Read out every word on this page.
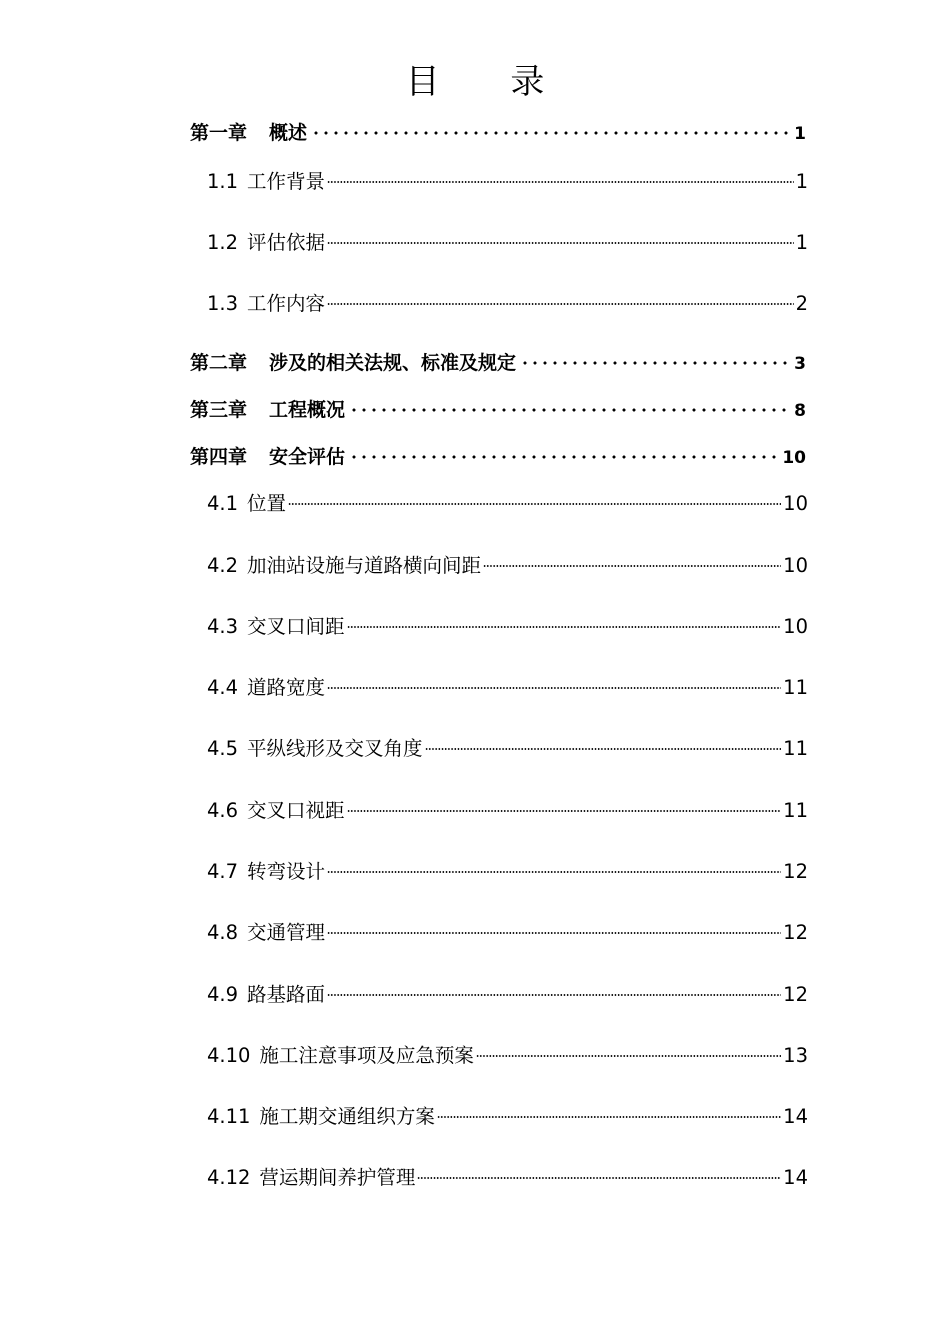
目 录
第一章 概述	1
1.1 工作背景	1
1.2 评估依据	1
1.3 工作内容	2
第二章 涉及的相关法规、标准及规定	3
第三章 工程概况	8
第四章 安全评估	10
4.1 位置	10
4.2 加油站设施与道路横向间距	10
4.3 交叉口间距	10
4.4 道路宽度	11
4.5 平纵线形及交叉角度	11
4.6 交叉口视距	11
4.7 转弯设计	12
4.8 交通管理	12
4.9 路基路面	12
4.10 施工注意事项及应急预案	13
4.11 施工期交通组织方案	14
4.12 营运期间养护管理	14
